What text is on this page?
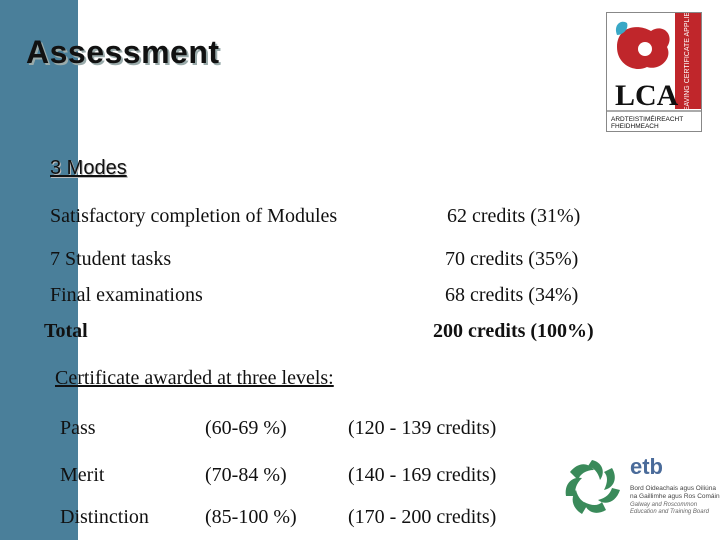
Assessment	LEAVING CERTIFICATE APPLIED
LCA
ARDTEISTIMÉIREACHT
FHEIDHMEACH
3 Modes
Satisfactory completion of Modules	62 credits (31%)
7 Student tasks	70 credits (35%)
Final examinations	68 credits (34%)
Total	200 credits (100%)
Certificate awarded at three levels:
Pass	(60-69 %)	(120 - 139 credits)
Merit	(70-84 %)	(140 - 169 credits)
Distinction	(85-100 %)	(170 - 200 credits)
etb
Bord Oideachais agus Oiliúna
na Gaillimhe agus Ros Comáin
Galway and Roscommon
Education and Training Board
